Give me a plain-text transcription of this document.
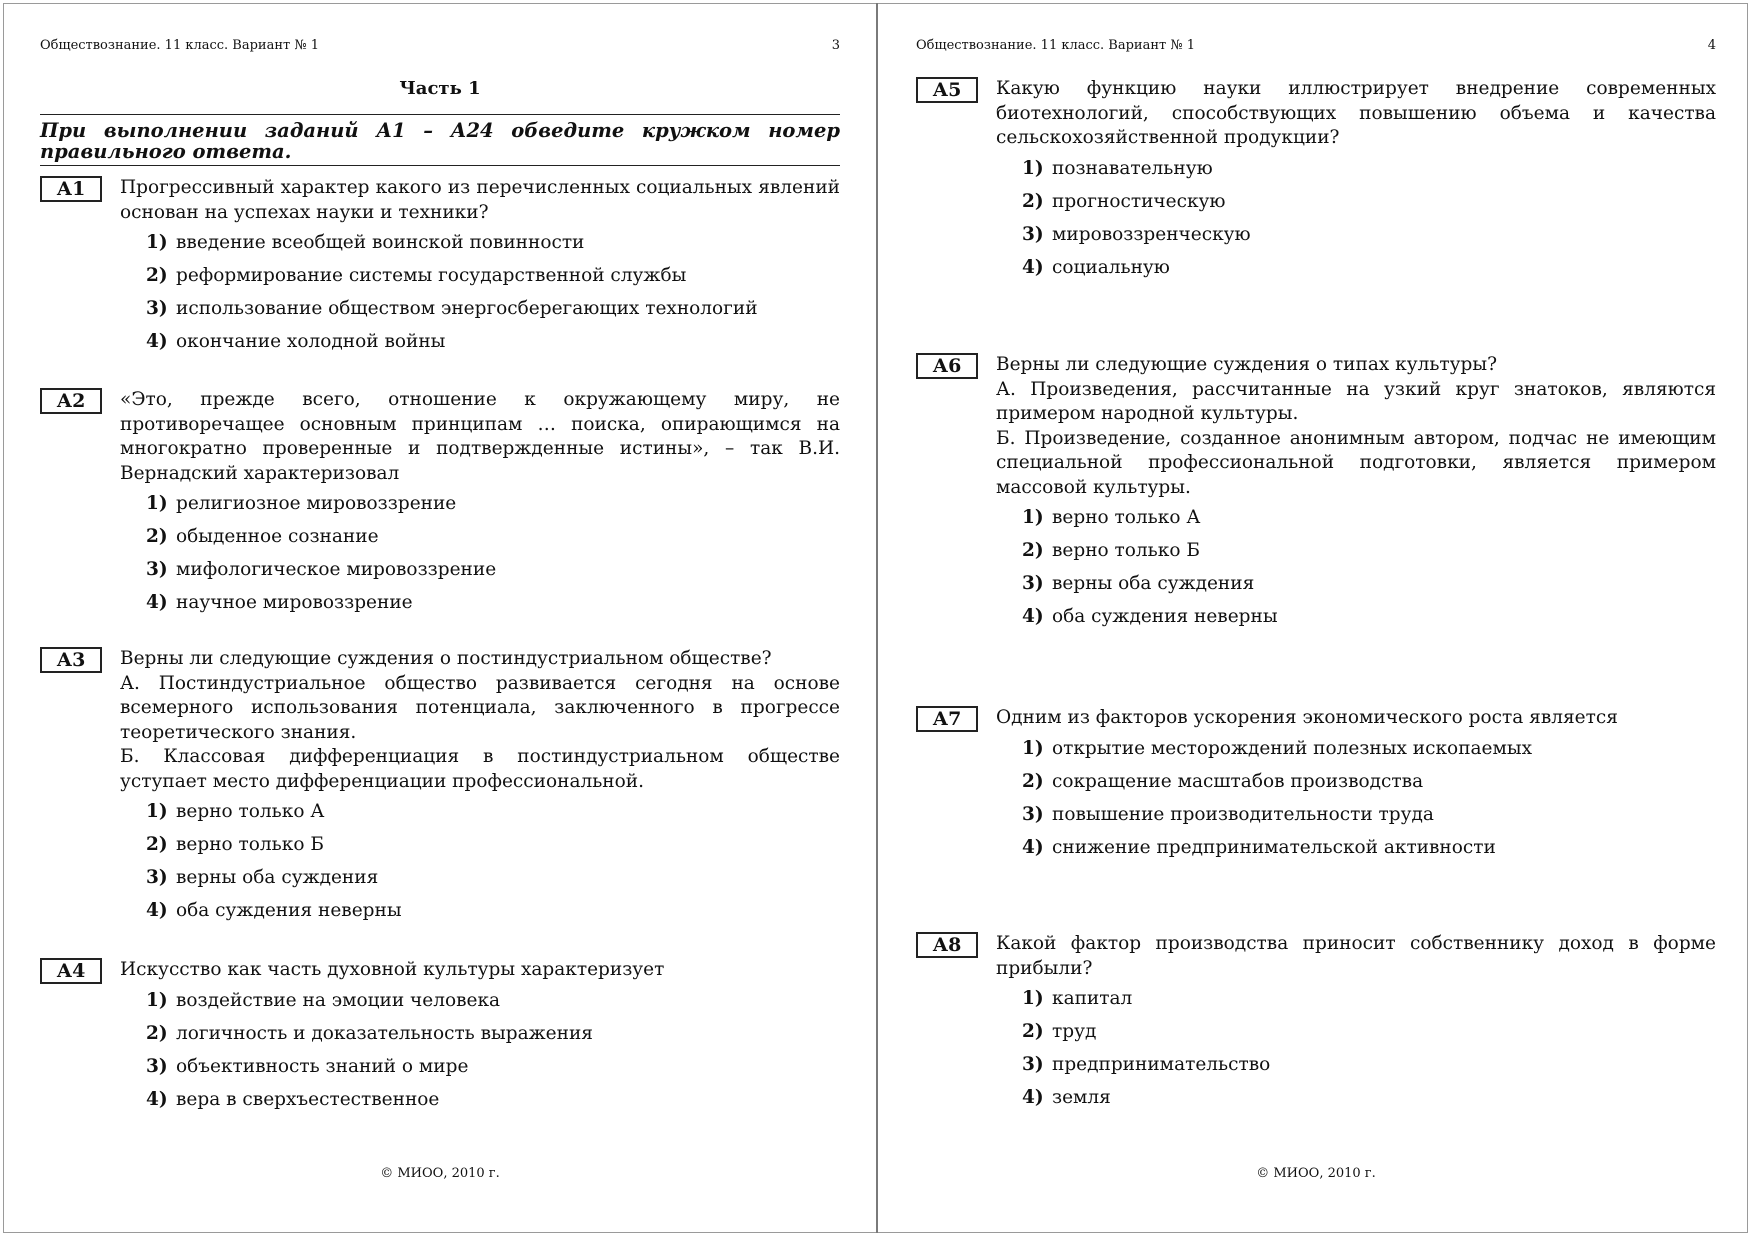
Обществознание. 11 класс. Вариант № 1	3
Часть 1
При выполнении заданий А1 – А24 обведите кружком номер правильного ответа.
А1	Прогрессивный характер какого из перечисленных социальных явлений основан на успехах науки и техники?
1) введение всеобщей воинской повинности
2) реформирование системы государственной службы
3) использование обществом энергосберегающих технологий
4) окончание холодной войны
А2	«Это, прежде всего, отношение к окружающему миру, не противоречащее основным принципам … поиска, опирающимся на многократно проверенные и подтвержденные истины», – так В.И. Вернадский характеризовал
1) религиозное мировоззрение
2) обыденное сознание
3) мифологическое мировоззрение
4) научное мировоззрение
А3	Верны ли следующие суждения о постиндустриальном обществе?
А. Постиндустриальное общество развивается сегодня на основе всемерного использования потенциала, заключенного в прогрессе теоретического знания.
Б. Классовая дифференциация в постиндустриальном обществе уступает место дифференциации профессиональной.
1) верно только А
2) верно только Б
3) верны оба суждения
4) оба суждения неверны
А4	Искусство как часть духовной культуры характеризует
1) воздействие на эмоции человека
2) логичность и доказательность выражения
3) объективность знаний о мире
4) вера в сверхъестественное
© МИОО, 2010 г.
Обществознание. 11 класс. Вариант № 1	4
А5	Какую функцию науки иллюстрирует внедрение современных биотехнологий, способствующих повышению объема и качества сельскохозяйственной продукции?
1) познавательную
2) прогностическую
3) мировоззренческую
4) социальную
А6	Верны ли следующие суждения о типах культуры?
А. Произведения, рассчитанные на узкий круг знатоков, являются примером народной культуры.
Б. Произведение, созданное анонимным автором, подчас не имеющим специальной профессиональной подготовки, является примером массовой культуры.
1) верно только А
2) верно только Б
3) верны оба суждения
4) оба суждения неверны
А7	Одним из факторов ускорения экономического роста является
1) открытие месторождений полезных ископаемых
2) сокращение масштабов производства
3) повышение производительности труда
4) снижение предпринимательской активности
А8	Какой фактор производства приносит собственнику доход в форме прибыли?
1) капитал
2) труд
3) предпринимательство
4) земля
© МИОО, 2010 г.
